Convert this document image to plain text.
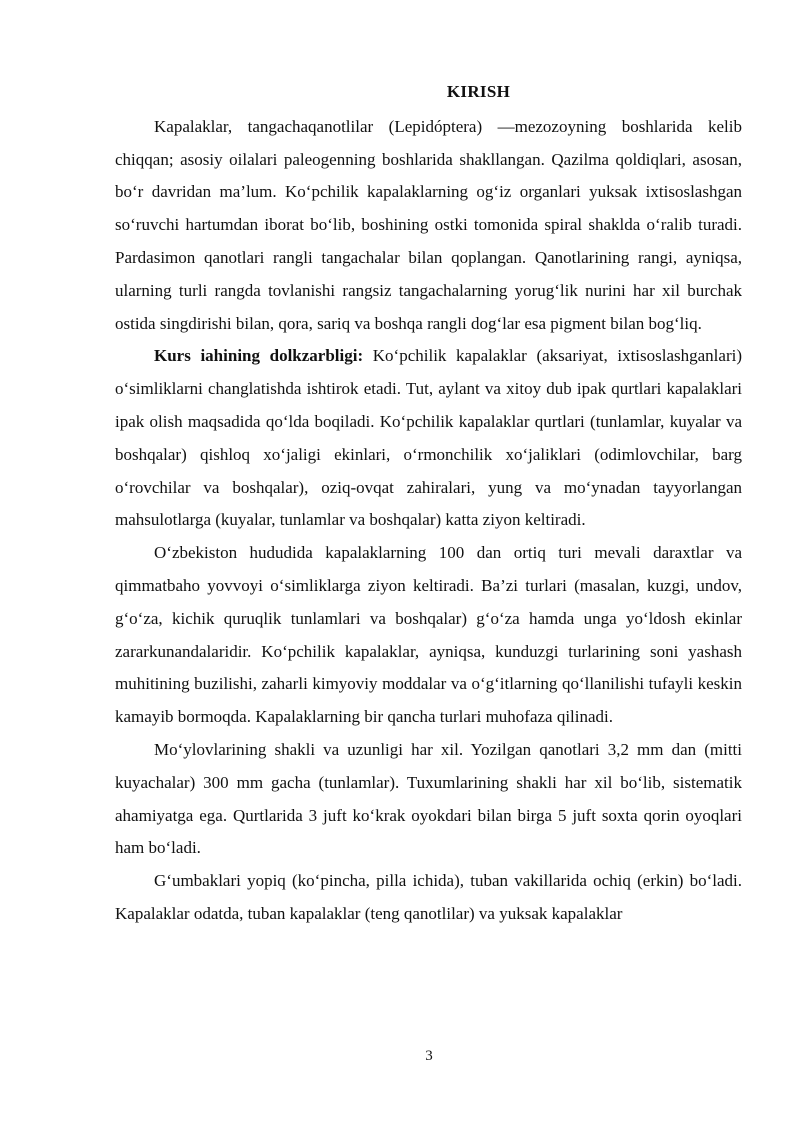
KIRISH

Kapalaklar, tangachaqanotlilar (Lepidóptera) —mezozoyning boshlarida kelib chiqqan; asosiy oilalari paleogenning boshlarida shakllangan. Qazilma qoldiqlari, asosan, bo‘r davridan ma’lum. Ko‘pchilik kapalaklarning og‘iz organlari yuksak ixtisoslashgan so‘ruvchi hartumdan iborat bo‘lib, boshining ostki tomonida spiral shaklda o‘ralib turadi. Pardasimon qanotlari rangli tangachalar bilan qoplangan. Qanotlarining rangi, ayniqsa, ularning turli rangda tovlanishi rangsiz tangachalarning yorug‘lik nurini har xil burchak ostida singdirishi bilan, qora, sariq va boshqa rangli dog‘lar esa pigment bilan bog‘liq.

Kurs iahining dolkzarbligi: Ko‘pchilik kapalaklar (aksariyat, ixtisoslashganlari) o‘simliklarni changlatishda ishtirok etadi. Tut, aylant va xitoy dub ipak qurtlari kapalaklari ipak olish maqsadida qo‘lda boqiladi. Ko‘pchilik kapalaklar qurtlari (tunlamlar, kuyalar va boshqalar) qishloq xo‘jaligi ekinlari, o‘rmonchilik xo‘jaliklari (odimlovchilar, barg o‘rovchilar va boshqalar), oziq-ovqat zahiralari, yung va mo‘ynadan tayyorlangan mahsulotlarga (kuyalar, tunlamlar va boshqalar) katta ziyon keltiradi.

O‘zbekiston hududida kapalaklarning 100 dan ortiq turi mevali daraxtlar va qimmatbaho yovvoyi o‘simliklarga ziyon keltiradi. Ba’zi turlari (masalan, kuzgi, undov, g‘o‘za, kichik quruqlik tunlamlari va boshqalar) g‘o‘za hamda unga yo‘ldosh ekinlar zararkunandalaridir. Ko‘pchilik kapalaklar, ayniqsa, kunduzgi turlarining soni yashash muhitining buzilishi, zaharli kimyoviy moddalar va o‘g‘itlarning qo‘llanilishi tufayli keskin kamayib bormoqda. Kapalaklarning bir qancha turlari muhofaza qilinadi.

Mo‘ylovlarining shakli va uzunligi har xil. Yozilgan qanotlari 3,2 mm dan (mitti kuyachalar) 300 mm gacha (tunlamlar). Tuxumlarining shakli har xil bo‘lib, sistematik ahamiyatga ega. Qurtlarida 3 juft ko‘krak oyokdari bilan birga 5 juft soxta qorin oyoqlari ham bo‘ladi.

G‘umbaklari yopiq (ko‘pincha, pilla ichida), tuban vakillarida ochiq (erkin) bo‘ladi. Kapalaklar odatda, tuban kapalaklar (teng qanotlilar) va yuksak kapalaklar

3
